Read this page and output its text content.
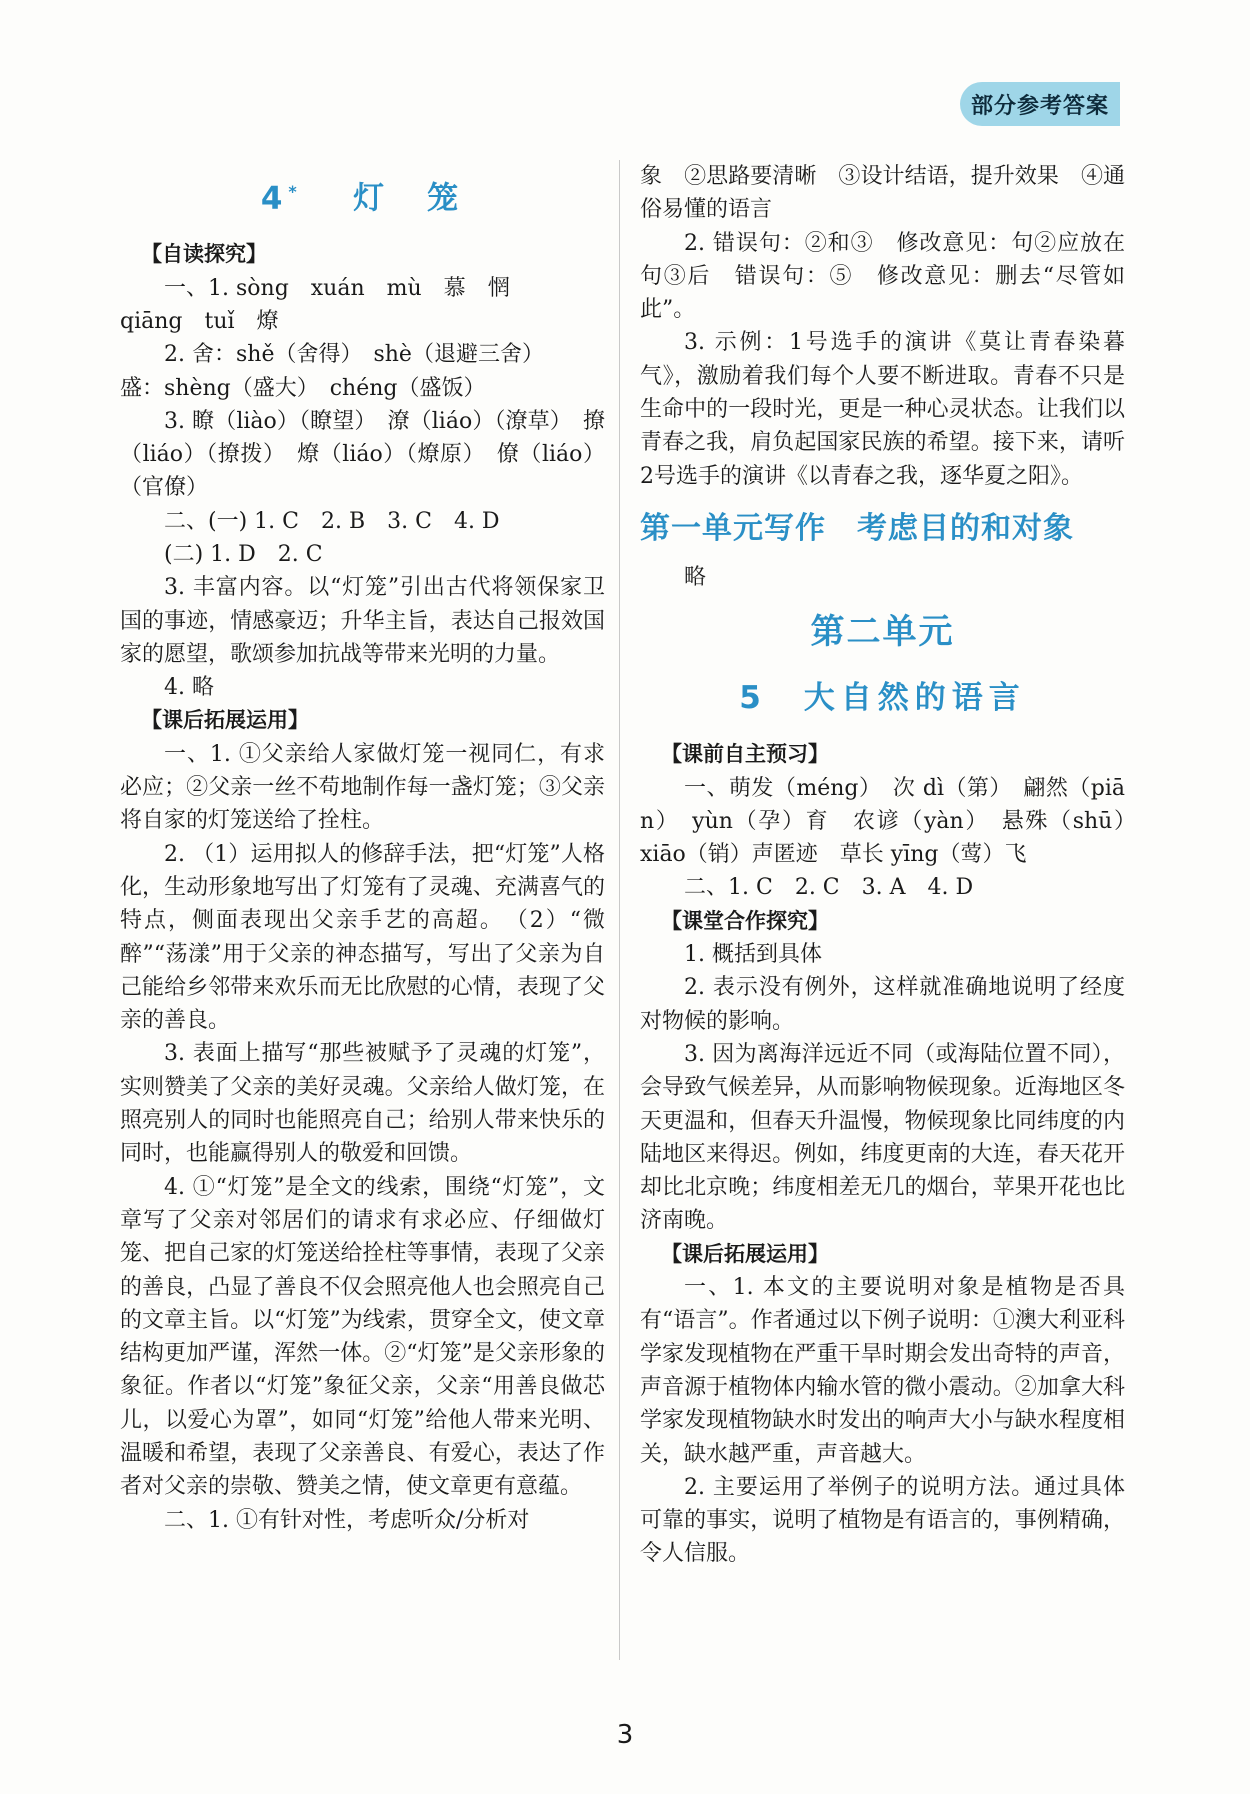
部分参考答案
4* 灯　笼

【自读探究】

一、1. sòng　xuán　mù　慕　惘

qiāng　tuǐ　燎

2. 舍：shě（舍得）　shè（退避三舍）

盛：shèng（盛大）　chéng（盛饭）

3. 瞭（liào）（瞭望）　潦（liáo）（潦草）　撩（liáo）（撩拨）　燎（liáo）（燎原）　僚（liáo）（官僚）

二、(一) 1. C　2. B　3. C　4. D

(二) 1. D　2. C

3. 丰富内容。以“灯笼”引出古代将领保家卫国的事迹，情感豪迈；升华主旨，表达自己报效国家的愿望，歌颂参加抗战等带来光明的力量。

4. 略

【课后拓展运用】

一、1. ①父亲给人家做灯笼一视同仁，有求必应；②父亲一丝不苟地制作每一盏灯笼；③父亲将自家的灯笼送给了拴柱。

2. （1）运用拟人的修辞手法，把“灯笼”人格化，生动形象地写出了灯笼有了灵魂、充满喜气的特点，侧面表现出父亲手艺的高超。　（2）“微醉”“荡漾”用于父亲的神态描写，写出了父亲为自己能给乡邻带来欢乐而无比欣慰的心情，表现了父亲的善良。

3. 表面上描写“那些被赋予了灵魂的灯笼”，实则赞美了父亲的美好灵魂。父亲给人做灯笼，在照亮别人的同时也能照亮自己；给别人带来快乐的同时，也能赢得别人的敬爱和回馈。

4. ①“灯笼”是全文的线索，围绕“灯笼”，文章写了父亲对邻居们的请求有求必应、仔细做灯笼、把自己家的灯笼送给拴柱等事情，表现了父亲的善良，凸显了善良不仅会照亮他人也会照亮自己的文章主旨。以“灯笼”为线索，贯穿全文，使文章结构更加严谨，浑然一体。②“灯笼”是父亲形象的象征。作者以“灯笼”象征父亲，父亲“用善良做芯儿，以爱心为罩”，如同“灯笼”给他人带来光明、温暖和希望，表现了父亲善良、有爱心，表达了作者对父亲的崇敬、赞美之情，使文章更有意蕴。

二、1. ①有针对性，考虑听众/分析对

象　②思路要清晰　③设计结语，提升效果　④通俗易懂的语言

2. 错误句：②和③　修改意见：句②应放在句③后　错误句：⑤　修改意见：删去“尽管如此”。

3. 示例：1号选手的演讲《莫让青春染暮气》，激励着我们每个人要不断进取。青春不只是生命中的一段时光，更是一种心灵状态。让我们以青春之我，肩负起国家民族的希望。接下来，请听2号选手的演讲《以青春之我，逐华夏之阳》。

第一单元写作　考虑目的和对象

略

第二单元
5　大自然的语言

【课前自主预习】

一、萌发（méng）　次 dì（第）　翩然（piān）　yùn（孕）育　农谚（yàn）　悬殊（shū）　xiāo（销）声匿迹　草长 yīng（莺）飞

二、1. C　2. C　3. A　4. D

【课堂合作探究】

1. 概括到具体

2. 表示没有例外，这样就准确地说明了经度对物候的影响。

3. 因为离海洋远近不同（或海陆位置不同），会导致气候差异，从而影响物候现象。近海地区冬天更温和，但春天升温慢，物候现象比同纬度的内陆地区来得迟。例如，纬度更南的大连，春天花开却比北京晚；纬度相差无几的烟台，苹果开花也比济南晚。

【课后拓展运用】

一、1. 本文的主要说明对象是植物是否具有“语言”。作者通过以下例子说明：①澳大利亚科学家发现植物在严重干旱时期会发出奇特的声音，声音源于植物体内输水管的微小震动。②加拿大科学家发现植物缺水时发出的响声大小与缺水程度相关，缺水越严重，声音越大。

2. 主要运用了举例子的说明方法。通过具体可靠的事实，说明了植物是有语言的，事例精确，令人信服。

3
